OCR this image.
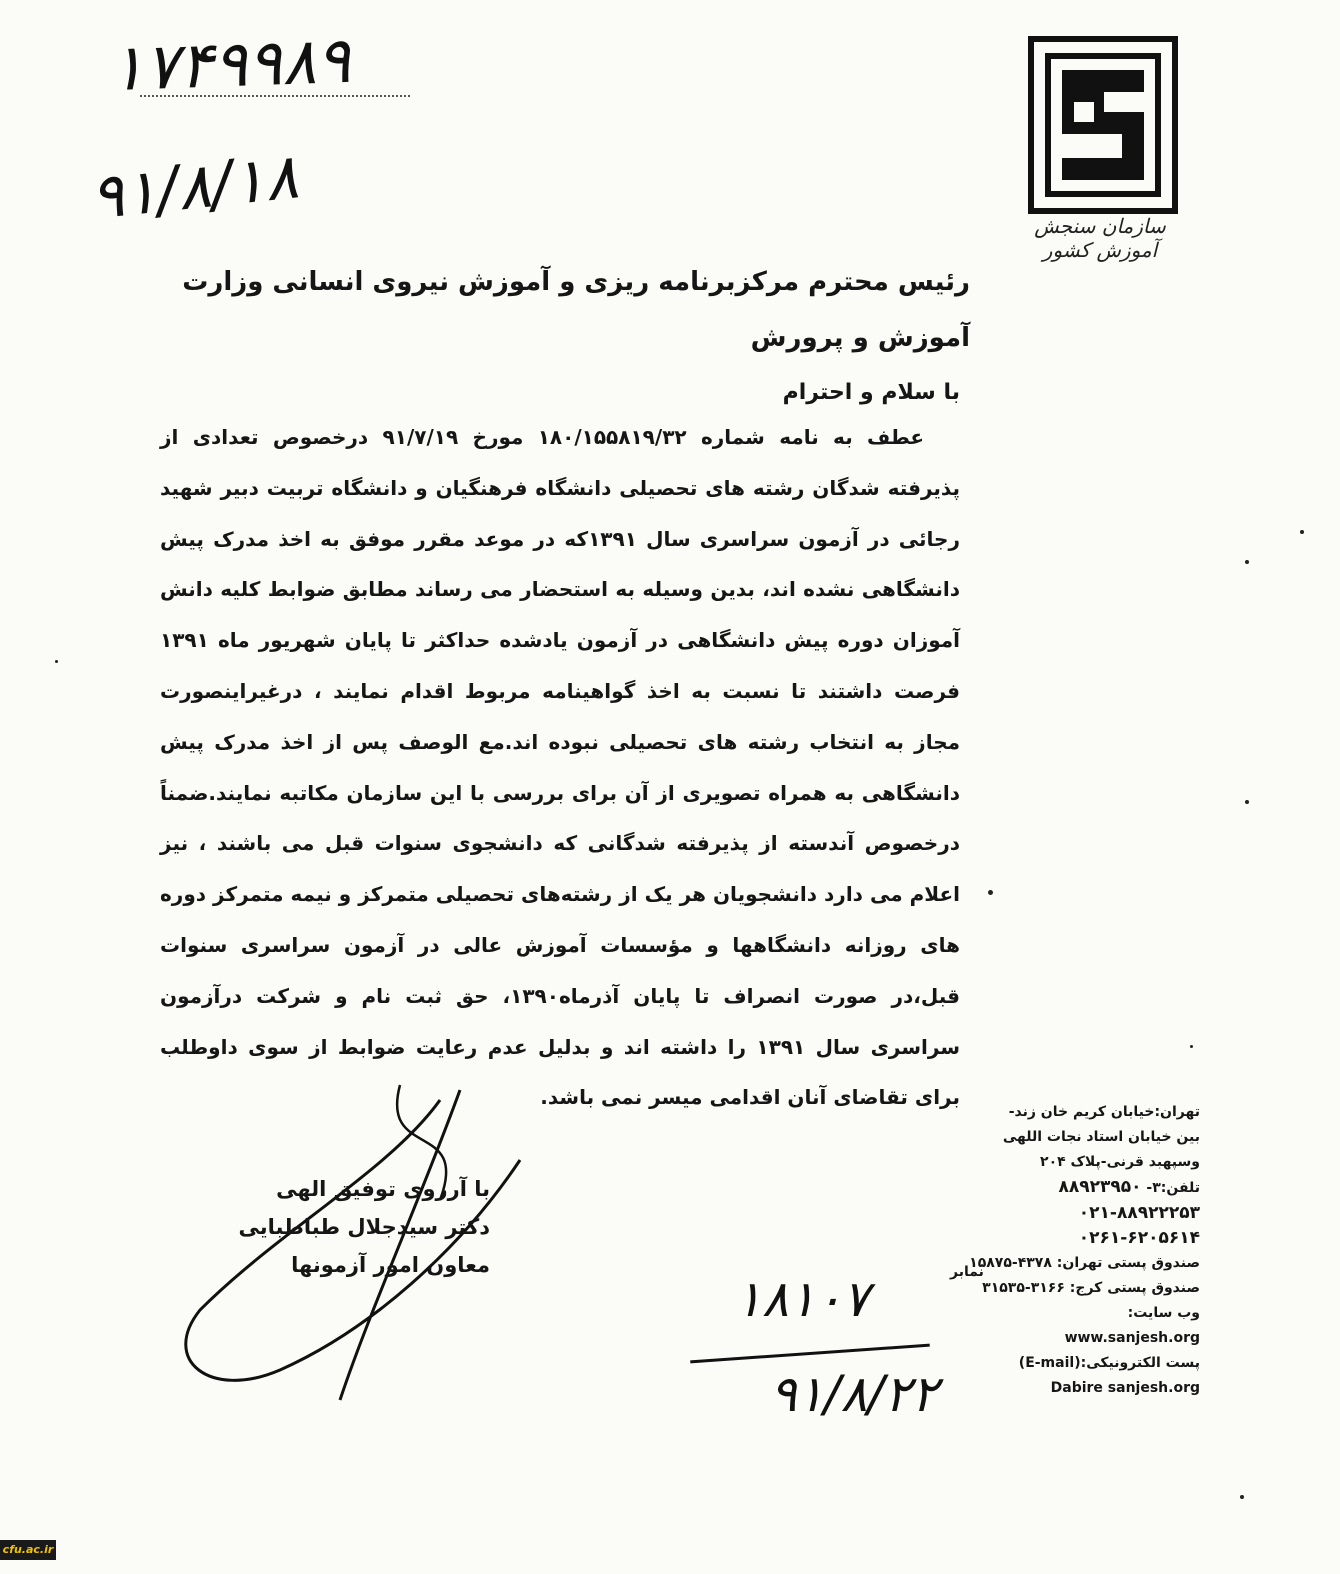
سازمان سنجش آموزش کشور
۱۷۴۹۹۸۹
۹۱/۸/۱۸
رئیس محترم مرکزبرنامه ریزی و آموزش نیروی انسانی وزارت آموزش و پرورش
با سلام و احترام

عطف به نامه شماره ۱۸۰/۱۵۵۸۱۹/۳۲ مورخ ۹۱/۷/۱۹ درخصوص تعدادی از پذیرفته شدگان رشته های تحصیلی دانشگاه فرهنگیان و دانشگاه تربیت دبیر شهید رجائی در آزمون سراسری سال ۱۳۹۱که در موعد مقرر موفق به اخذ مدرک پیش دانشگاهی نشده اند، بدین وسیله به استحضار می رساند مطابق ضوابط کلیه دانش آموزان دوره پیش دانشگاهی در آزمون یادشده حداکثر تا پایان شهریور ماه ۱۳۹۱ فرصت داشتند تا نسبت به اخذ گواهینامه مربوط اقدام نمایند ، درغیراینصورت مجاز به انتخاب رشته های تحصیلی نبوده اند.مع الوصف پس از اخذ مدرک پیش دانشگاهی به همراه تصویری از آن برای بررسی با این سازمان مکاتبه نمایند.ضمناً درخصوص آندسته از پذیرفته شدگانی که دانشجوی سنوات قبل می باشند ، نیز اعلام می دارد دانشجویان هر یک از رشته‌های تحصیلی متمرکز و نیمه متمرکز دوره های روزانه دانشگاهها و مؤسسات آموزش عالی در آزمون سراسری سنوات قبل،در صورت انصراف تا پایان آذرماه۱۳۹۰، حق ثبت نام و شرکت درآزمون سراسری سال ۱۳۹۱ را داشته اند و بدلیل عدم رعایت ضوابط از سوی داوطلب برای تقاضای آنان اقدامی میسر نمی باشد.

با آرزوی توفیق الهی
دکتر سیدجلال طباطبایی
معاون امور آزمونها
۱۸۱۰۷
۹۱/۸/۲۲
تهران:خیابان کریم خان زند-
بین خیابان استاد نجات اللهی
وسپهبد قرنی-پلاک ۲۰۴
تلفن:۳- ۸۸۹۲۳۹۵۰
۰۲۱-۸۸۹۲۲۲۵۳
۰۲۶۱-۶۲۰۵۶۱۴
نمابر
صندوق پستی تهران: ۴۳۷۸-۱۵۸۷۵
صندوق پستی کرج: ۳۱۶۶-۳۱۵۳۵
وب سایت:
www.sanjesh.org
پست الکترونیکی:(E-mail)
Dabire sanjesh.org
cfu.ac.ir
